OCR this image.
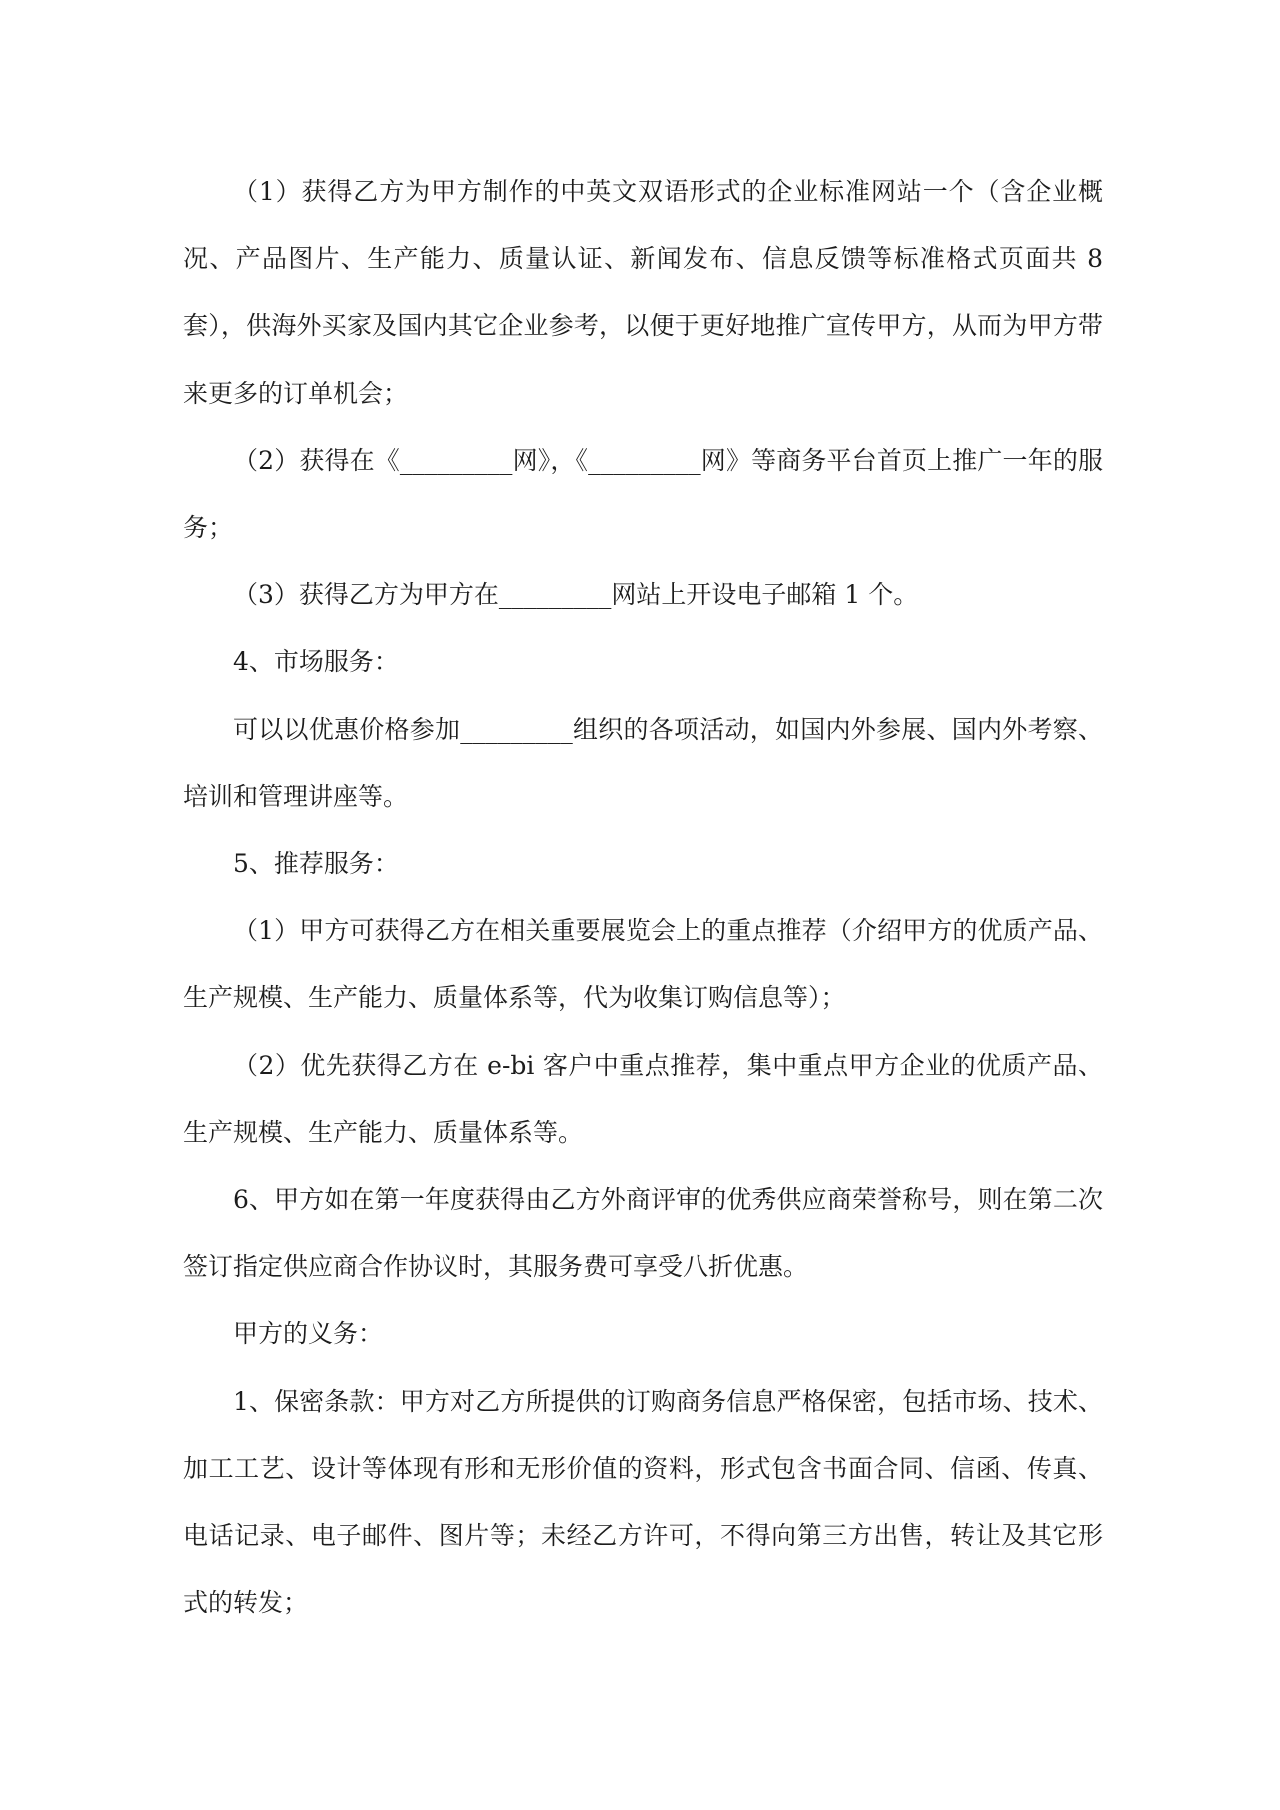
（1）获得乙方为甲方制作的中英文双语形式的企业标准网站一个（含企业概况、产品图片、生产能力、质量认证、新闻发布、信息反馈等标准格式页面共 8 套），供海外买家及国内其它企业参考，以便于更好地推广宣传甲方，从而为甲方带来更多的订单机会；

（2）获得在《_________网》，《_________网》等商务平台首页上推广一年的服务；

（3）获得乙方为甲方在_________网站上开设电子邮箱 1 个。

4、市场服务：

可以以优惠价格参加_________组织的各项活动，如国内外参展、国内外考察、培训和管理讲座等。

5、推荐服务：

（1）甲方可获得乙方在相关重要展览会上的重点推荐（介绍甲方的优质产品、生产规模、生产能力、质量体系等，代为收集订购信息等）；

（2）优先获得乙方在 e-bi 客户中重点推荐，集中重点甲方企业的优质产品、生产规模、生产能力、质量体系等。

6、甲方如在第一年度获得由乙方外商评审的优秀供应商荣誉称号，则在第二次签订指定供应商合作协议时，其服务费可享受八折优惠。

甲方的义务：

1、保密条款：甲方对乙方所提供的订购商务信息严格保密，包括市场、技术、加工工艺、设计等体现有形和无形价值的资料，形式包含书面合同、信函、传真、电话记录、电子邮件、图片等；未经乙方许可，不得向第三方出售，转让及其它形式的转发；
